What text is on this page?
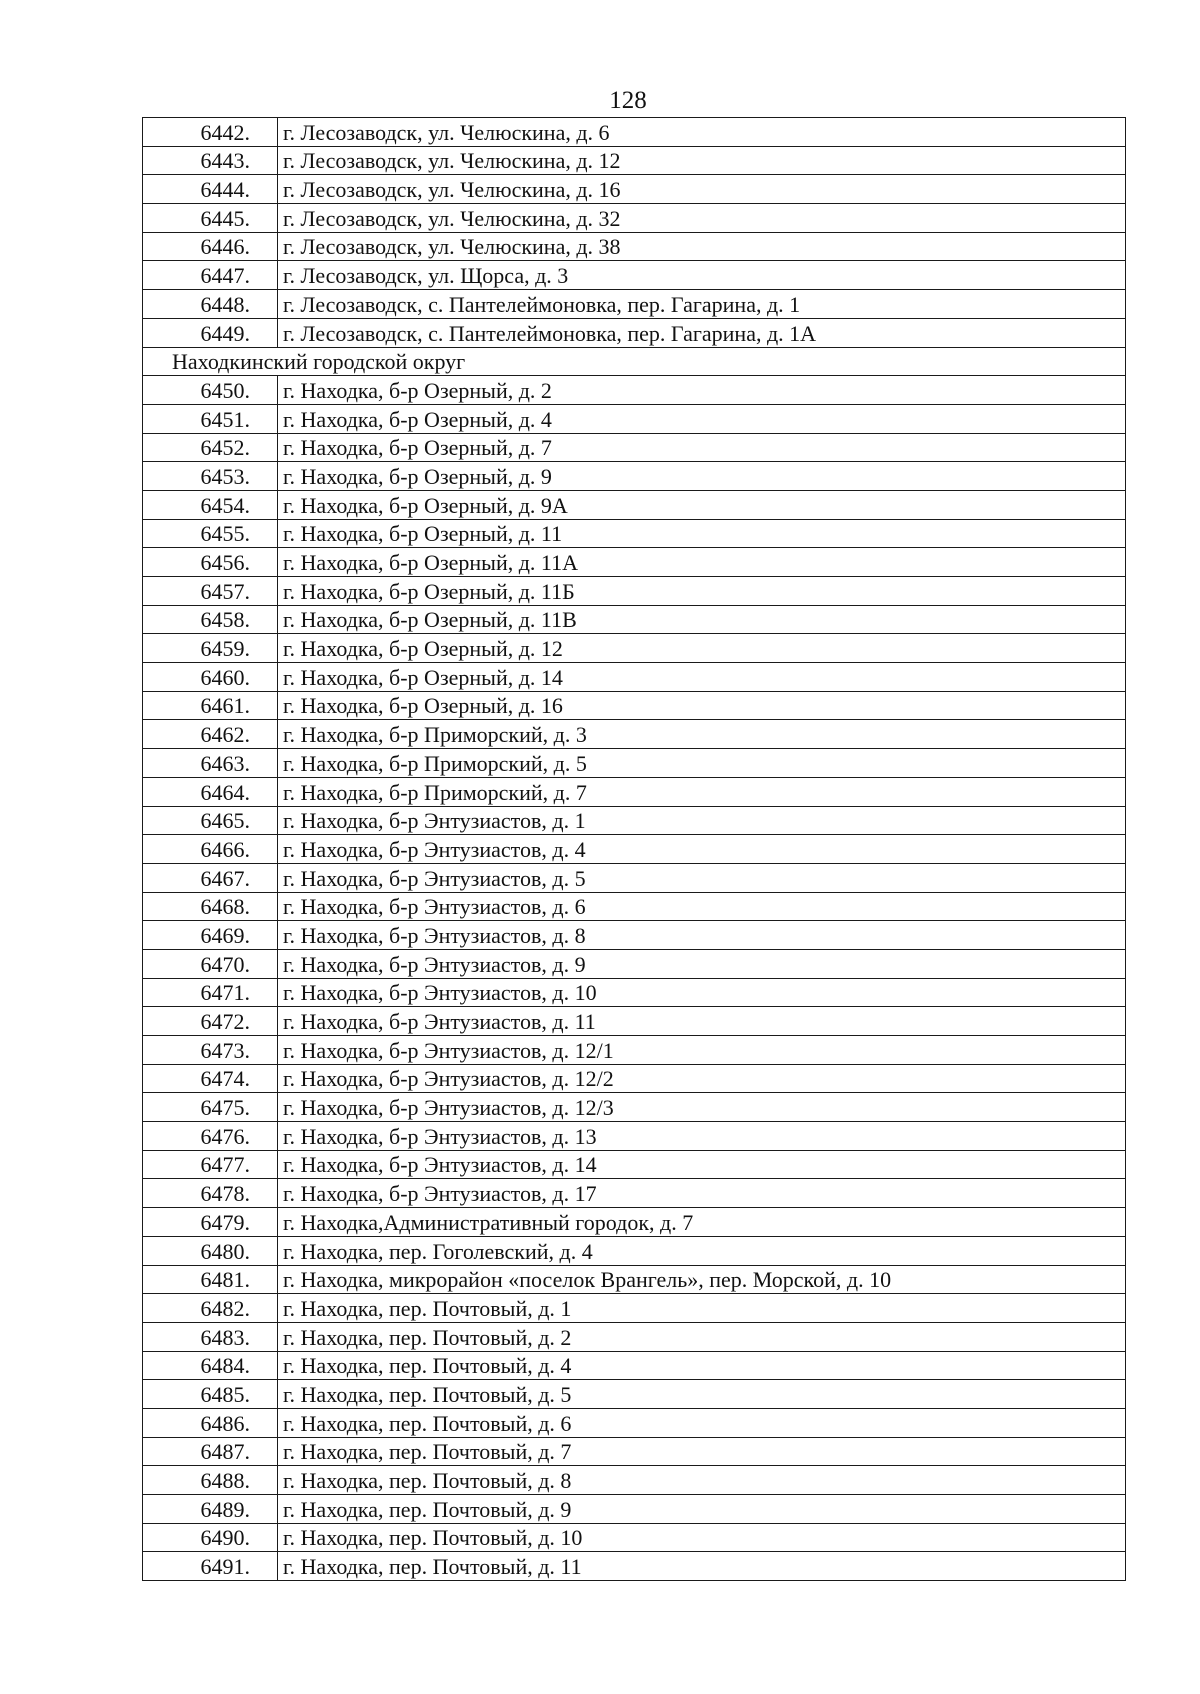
128
6442.	г. Лесозаводск, ул. Челюскина, д. 6
6443.	г. Лесозаводск, ул. Челюскина, д. 12
6444.	г. Лесозаводск, ул. Челюскина, д. 16
6445.	г. Лесозаводск, ул. Челюскина, д. 32
6446.	г. Лесозаводск, ул. Челюскина, д. 38
6447.	г. Лесозаводск, ул. Щорса, д. 3
6448.	г. Лесозаводск, с. Пантелеймоновка, пер. Гагарина, д. 1
6449.	г. Лесозаводск, с. Пантелеймоновка, пер. Гагарина, д. 1А
Находкинский городской округ	
6450.	г. Находка, б-р Озерный, д. 2
6451.	г. Находка, б-р Озерный, д. 4
6452.	г. Находка, б-р Озерный, д. 7
6453.	г. Находка, б-р Озерный, д. 9
6454.	г. Находка, б-р Озерный, д. 9А
6455.	г. Находка, б-р Озерный, д. 11
6456.	г. Находка, б-р Озерный, д. 11А
6457.	г. Находка, б-р Озерный, д. 11Б
6458.	г. Находка, б-р Озерный, д. 11В
6459.	г. Находка, б-р Озерный, д. 12
6460.	г. Находка, б-р Озерный, д. 14
6461.	г. Находка, б-р Озерный, д. 16
6462.	г. Находка, б-р Приморский, д. 3
6463.	г. Находка, б-р Приморский, д. 5
6464.	г. Находка, б-р Приморский, д. 7
6465.	г. Находка, б-р Энтузиастов, д. 1
6466.	г. Находка, б-р Энтузиастов, д. 4
6467.	г. Находка, б-р Энтузиастов, д. 5
6468.	г. Находка, б-р Энтузиастов, д. 6
6469.	г. Находка, б-р Энтузиастов, д. 8
6470.	г. Находка, б-р Энтузиастов, д. 9
6471.	г. Находка, б-р Энтузиастов, д. 10
6472.	г. Находка, б-р Энтузиастов, д. 11
6473.	г. Находка, б-р Энтузиастов, д. 12/1
6474.	г. Находка, б-р Энтузиастов, д. 12/2
6475.	г. Находка, б-р Энтузиастов, д. 12/3
6476.	г. Находка, б-р Энтузиастов, д. 13
6477.	г. Находка, б-р Энтузиастов, д. 14
6478.	г. Находка, б-р Энтузиастов, д. 17
6479.	г. Находка,Административный городок, д. 7
6480.	г. Находка, пер. Гоголевский, д. 4
6481.	г. Находка, микрорайон «поселок Врангель», пер. Морской, д. 10
6482.	г. Находка, пер. Почтовый, д. 1
6483.	г. Находка, пер. Почтовый, д. 2
6484.	г. Находка, пер. Почтовый, д. 4
6485.	г. Находка, пер. Почтовый, д. 5
6486.	г. Находка, пер. Почтовый, д. 6
6487.	г. Находка, пер. Почтовый, д. 7
6488.	г. Находка, пер. Почтовый, д. 8
6489.	г. Находка, пер. Почтовый, д. 9
6490.	г. Находка, пер. Почтовый, д. 10
6491.	г. Находка, пер. Почтовый, д. 11
